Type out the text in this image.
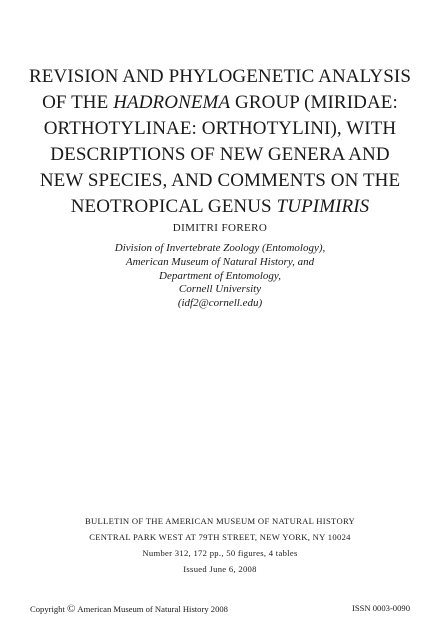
REVISION AND PHYLOGENETIC ANALYSIS
OF THE HADRONEMA GROUP (MIRIDAE:
ORTHOTYLINAE: ORTHOTYLINI), WITH
DESCRIPTIONS OF NEW GENERA AND
NEW SPECIES, AND COMMENTS ON THE
NEOTROPICAL GENUS TUPIMIRIS
DIMITRI FORERO
Division of Invertebrate Zoology (Entomology),
American Museum of Natural History, and
Department of Entomology,
Cornell University
(idf2@cornell.edu)
BULLETIN OF THE AMERICAN MUSEUM OF NATURAL HISTORY
CENTRAL PARK WEST AT 79TH STREET, NEW YORK, NY 10024
Number 312, 172 pp., 50 figures, 4 tables
Issued June 6, 2008
Copyright © American Museum of Natural History 2008	ISSN 0003-0090
